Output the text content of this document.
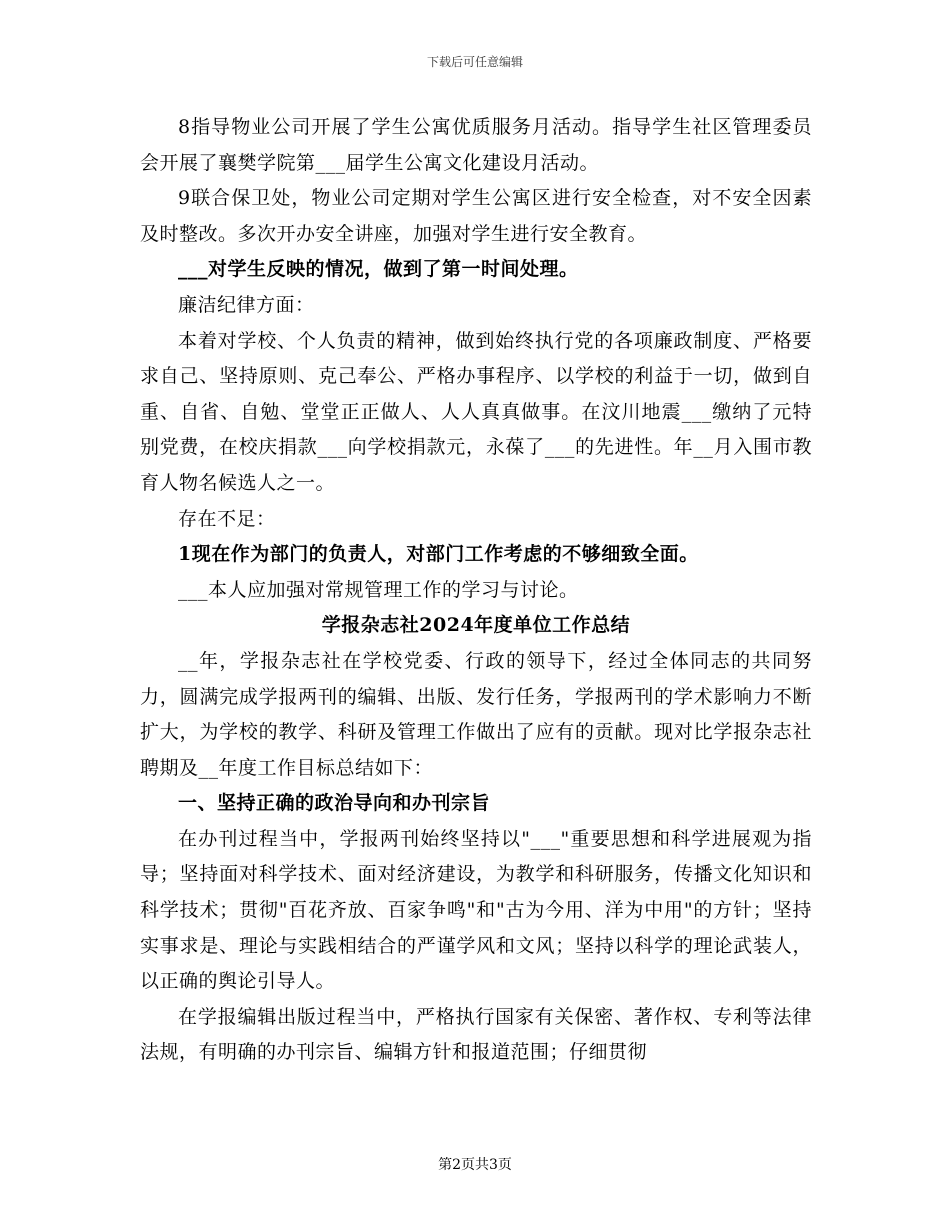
下载后可任意编辑

8指导物业公司开展了学生公寓优质服务月活动。指导学生社区管理委员会开展了襄樊学院第___届学生公寓文化建设月活动。

9联合保卫处，物业公司定期对学生公寓区进行安全检查，对不安全因素及时整改。多次开办安全讲座，加强对学生进行安全教育。

___对学生反映的情况，做到了第一时间处理。

廉洁纪律方面：

本着对学校、个人负责的精神，做到始终执行党的各项廉政制度、严格要求自己、坚持原则、克己奉公、严格办事程序、以学校的利益于一切，做到自重、自省、自勉、堂堂正正做人、人人真真做事。在汶川地震___缴纳了元特别党费，在校庆捐款___向学校捐款元，永葆了___的先进性。年__月入围市教育人物名候选人之一。

存在不足：

1现在作为部门的负责人，对部门工作考虑的不够细致全面。

___本人应加强对常规管理工作的学习与讨论。

学报杂志社2024年度单位工作总结

__年，学报杂志社在学校党委、行政的领导下，经过全体同志的共同努力，圆满完成学报两刊的编辑、出版、发行任务，学报两刊的学术影响力不断扩大，为学校的教学、科研及管理工作做出了应有的贡献。现对比学报杂志社聘期及__年度工作目标总结如下：

一、坚持正确的政治导向和办刊宗旨

在办刊过程当中，学报两刊始终坚持以"___"重要思想和科学进展观为指导；坚持面对科学技术、面对经济建设，为教学和科研服务，传播文化知识和科学技术；贯彻"百花齐放、百家争鸣"和"古为今用、洋为中用"的方针；坚持实事求是、理论与实践相结合的严谨学风和文风；坚持以科学的理论武装人，以正确的舆论引导人。

在学报编辑出版过程当中，严格执行国家有关保密、著作权、专利等法律法规，有明确的办刊宗旨、编辑方针和报道范围；仔细贯彻

第2页共3页
